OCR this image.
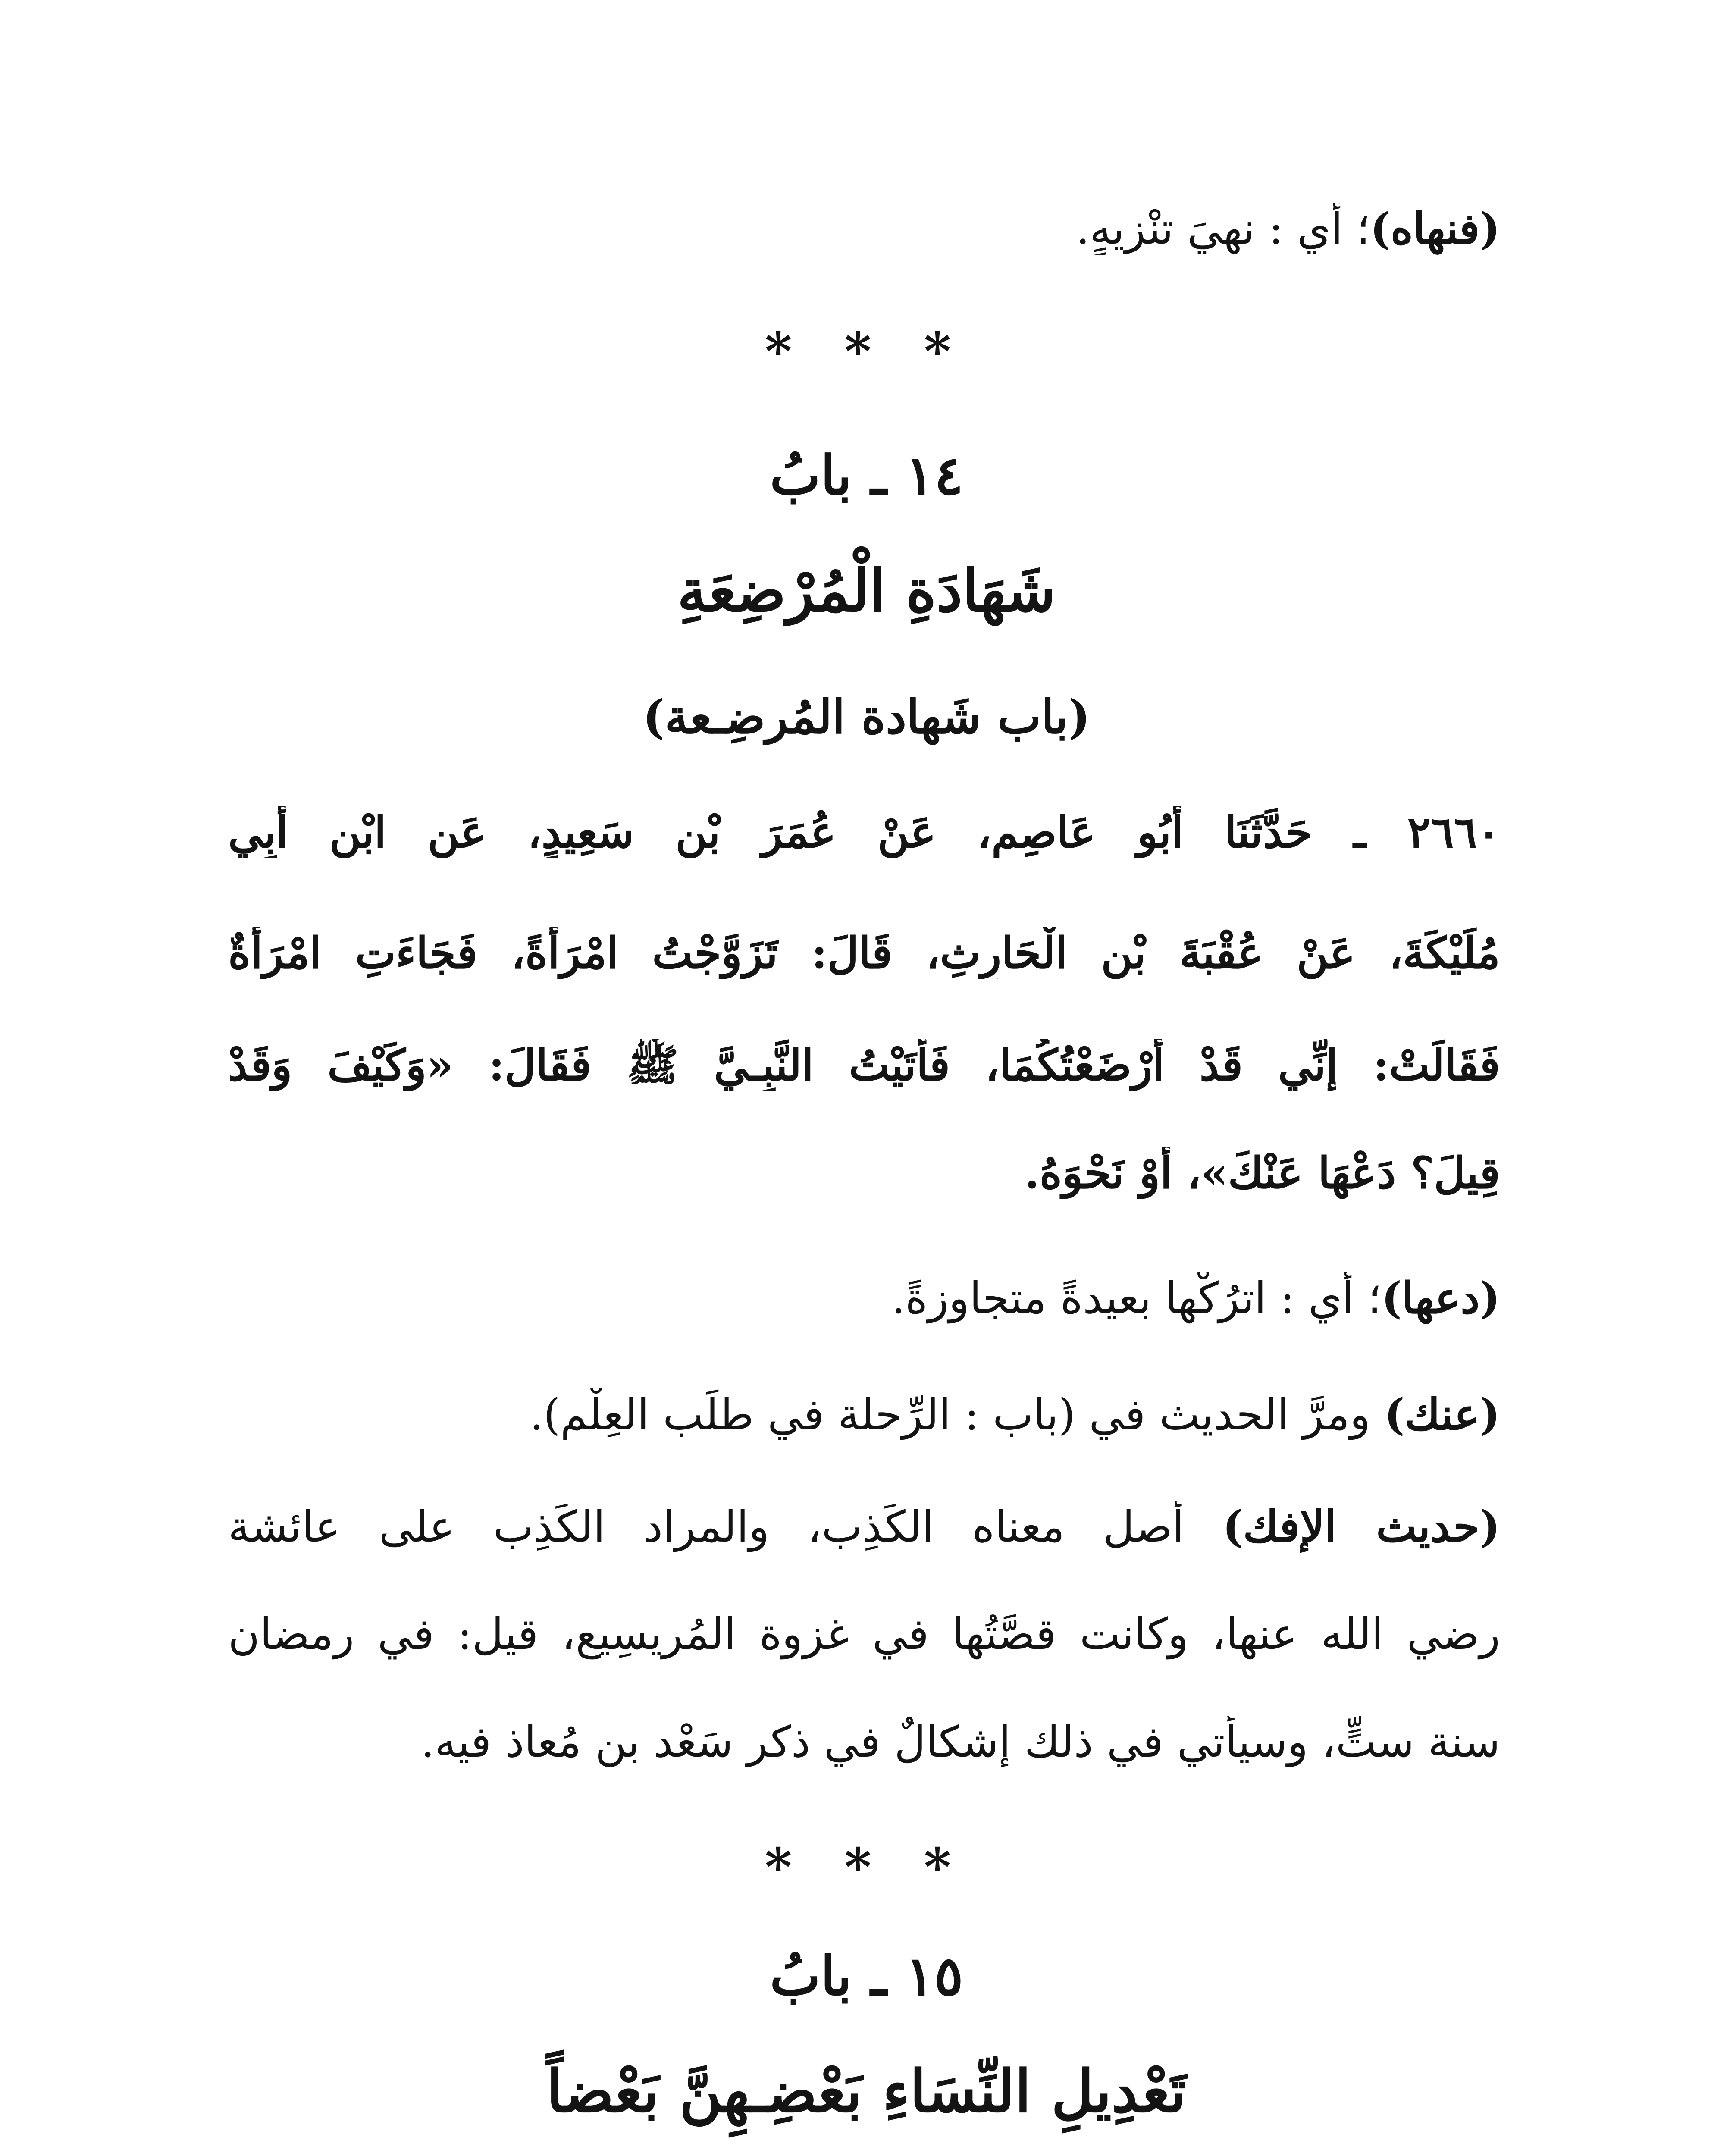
(فنهاه)؛ أي : نهيَ تنْزيهٍ.
* * *
١٤ ـ بابُ
شَهَادَةِ الْمُرْضِعَةِ
(باب شَهادة المُرضِـعة)
٢٦٦٠ ـ حَدَّثَنَا أَبُو عَاصِمٍ، عَنْ عُمَرَ بْنِ سَعِيدٍ، عَنِ ابْنِ أَبِي
مُلَيْكَةَ، عَنْ عُقْبَةَ بْنِ الْحَارِثِ، قَالَ: تَزَوَّجْتُ امْرَأَةً، فَجَاءَتِ امْرَأَةٌ
فَقَالَتْ: إِنِّي قَدْ أَرْضَعْتُكُمَا، فَأَتَيْتُ النَّبِـيَّ ﷺ فَقَالَ: «وَكَيْفَ وَقَدْ
قِيلَ؟ دَعْهَا عَنْكَ»، أَوْ نَحْوَهُ.
(دعها)؛ أي : اترُكْها بعيدةً متجاوزةً.
(عنك) ومرَّ الحديث في (باب : الرِّحلة في طلَب العِلْم).
(حديث الإفك) أصل معناه الكَذِب، والمراد الكَذِب على عائشة
رضي الله عنها، وكانت قصَّتُها في غزوة المُريسِيع، قيل: في رمضان
سنة ستٍّ، وسيأتي في ذلك إشكالٌ في ذكر سَعْد بن مُعاذ فيه.
* * *
١٥ ـ بابُ
تَعْدِيلِ النِّسَاءِ بَعْضِـهِنَّ بَعْضاً
